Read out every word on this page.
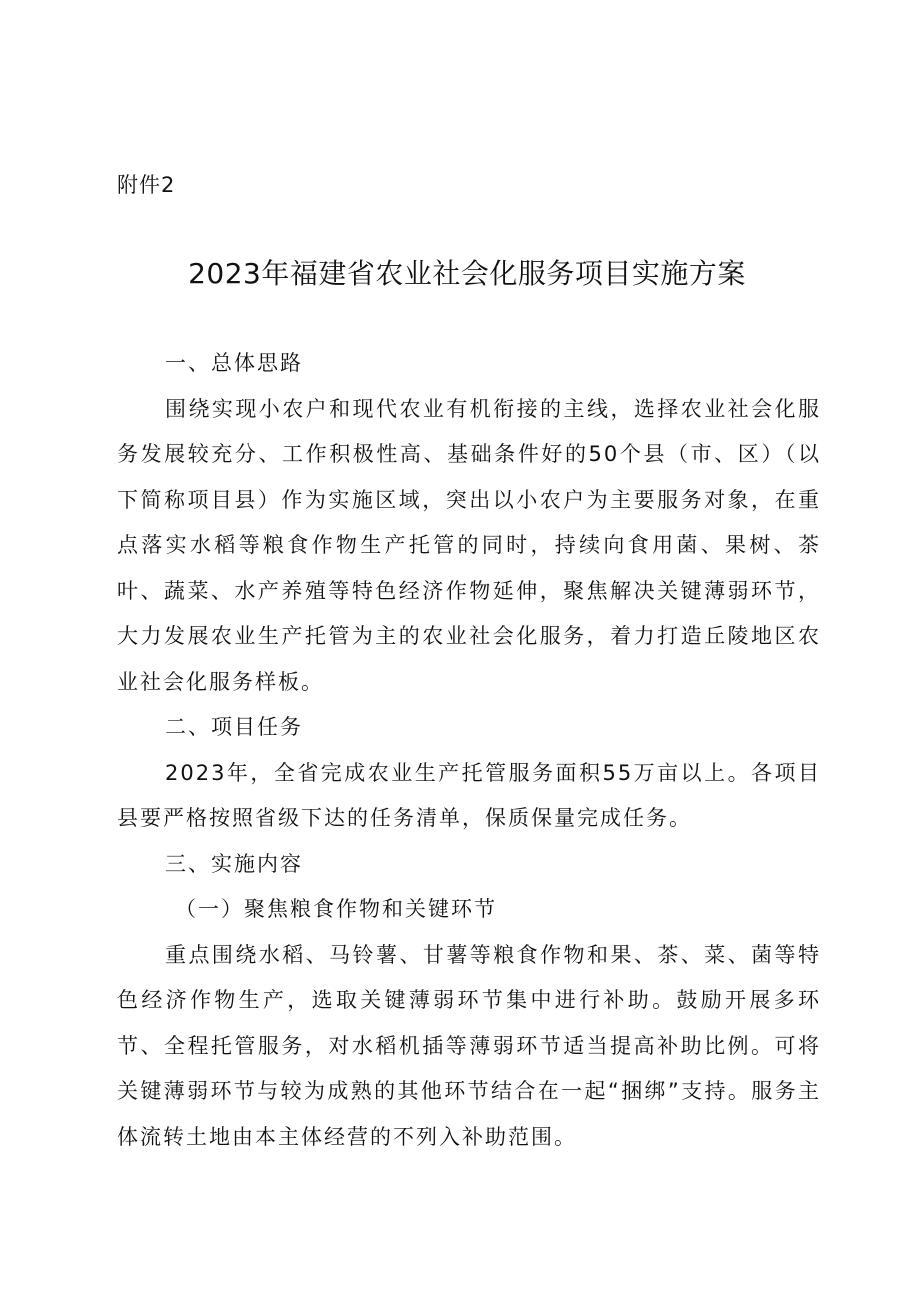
附件2
2023年福建省农业社会化服务项目实施方案

一、总体思路

围绕实现小农户和现代农业有机衔接的主线，选择农业社会化服务发展较充分、工作积极性高、基础条件好的50个县（市、区）（以下简称项目县）作为实施区域，突出以小农户为主要服务对象，在重点落实水稻等粮食作物生产托管的同时，持续向食用菌、果树、茶叶、蔬菜、水产养殖等特色经济作物延伸，聚焦解决关键薄弱环节，大力发展农业生产托管为主的农业社会化服务，着力打造丘陵地区农业社会化服务样板。

二、项目任务

2023年，全省完成农业生产托管服务面积55万亩以上。各项目县要严格按照省级下达的任务清单，保质保量完成任务。

三、实施内容

（一）聚焦粮食作物和关键环节

重点围绕水稻、马铃薯、甘薯等粮食作物和果、茶、菜、菌等特色经济作物生产，选取关键薄弱环节集中进行补助。鼓励开展多环节、全程托管服务，对水稻机插等薄弱环节适当提高补助比例。可将关键薄弱环节与较为成熟的其他环节结合在一起“捆绑”支持。服务主体流转土地由本主体经营的不列入补助范围。
